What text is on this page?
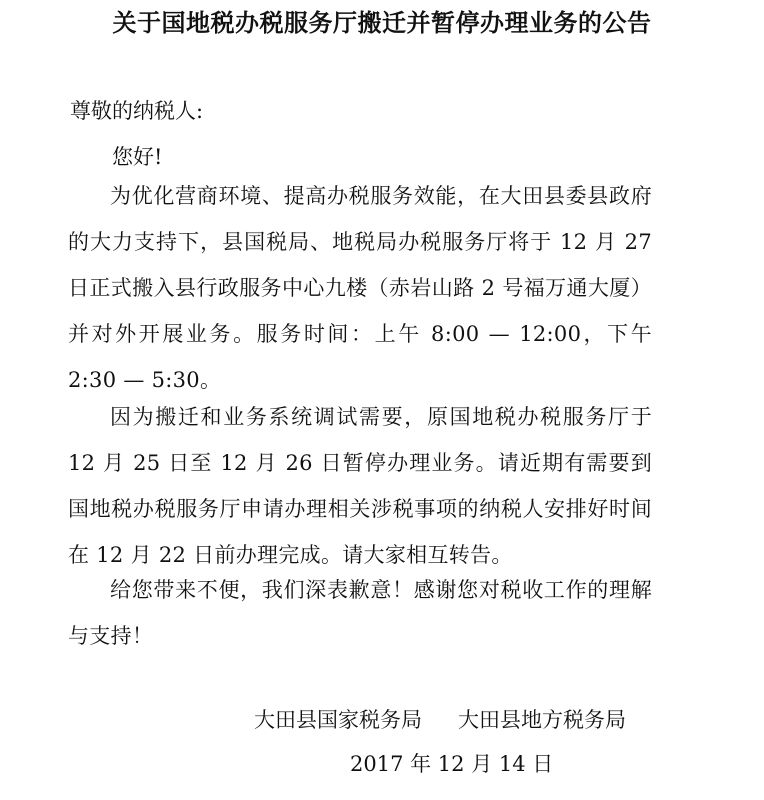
关于国地税办税服务厅搬迁并暂停办理业务的公告
尊敬的纳税人:
您好!

为优化营商环境、提高办税服务效能，在大田县委县政府的大力支持下，县国税局、地税局办税服务厅将于 12 月 27 日正式搬入县行政服务中心九楼（赤岩山路 2 号福万通大厦）并对外开展业务。服务时间：上午 8:00 — 12:00，下午 2:30 — 5:30。

因为搬迁和业务系统调试需要，原国地税办税服务厅于 12 月 25 日至 12 月 26 日暂停办理业务。请近期有需要到国地税办税服务厅申请办理相关涉税事项的纳税人安排好时间在 12 月 22 日前办理完成。请大家相互转告。

给您带来不便，我们深表歉意！感谢您对税收工作的理解与支持！

大田县国家税务局 大田县地方税务局
2017 年 12 月 14 日
